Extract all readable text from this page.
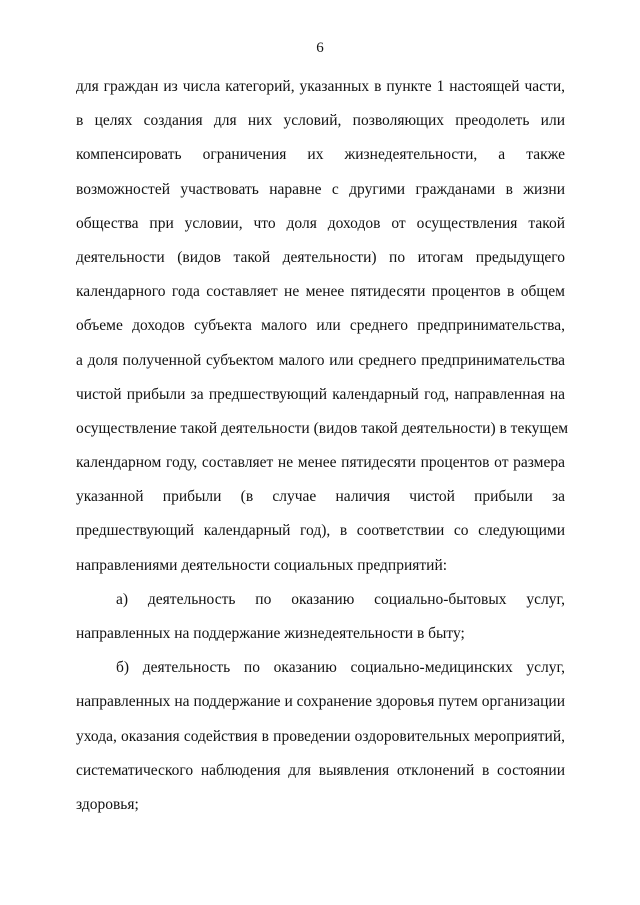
6
для граждан из числа категорий, указанных в пункте 1 настоящей части,
в целях создания для них условий, позволяющих преодолеть или
компенсировать ограничения их жизнедеятельности, а также
возможностей участвовать наравне с другими гражданами в жизни
общества при условии, что доля доходов от осуществления такой
деятельности (видов такой деятельности) по итогам предыдущего
календарного года составляет не менее пятидесяти процентов в общем
объеме доходов субъекта малого или среднего предпринимательства,
а доля полученной субъектом малого или среднего предпринимательства
чистой прибыли за предшествующий календарный год, направленная на
осуществление такой деятельности (видов такой деятельности) в текущем
календарном году, составляет не менее пятидесяти процентов от размера
указанной прибыли (в случае наличия чистой прибыли за
предшествующий календарный год), в соответствии со следующими
направлениями деятельности социальных предприятий:
а) деятельность по оказанию социально-бытовых услуг,
направленных на поддержание жизнедеятельности в быту;
б) деятельность по оказанию социально-медицинских услуг,
направленных на поддержание и сохранение здоровья путем организации
ухода, оказания содействия в проведении оздоровительных мероприятий,
систематического наблюдения для выявления отклонений в состоянии
здоровья;
